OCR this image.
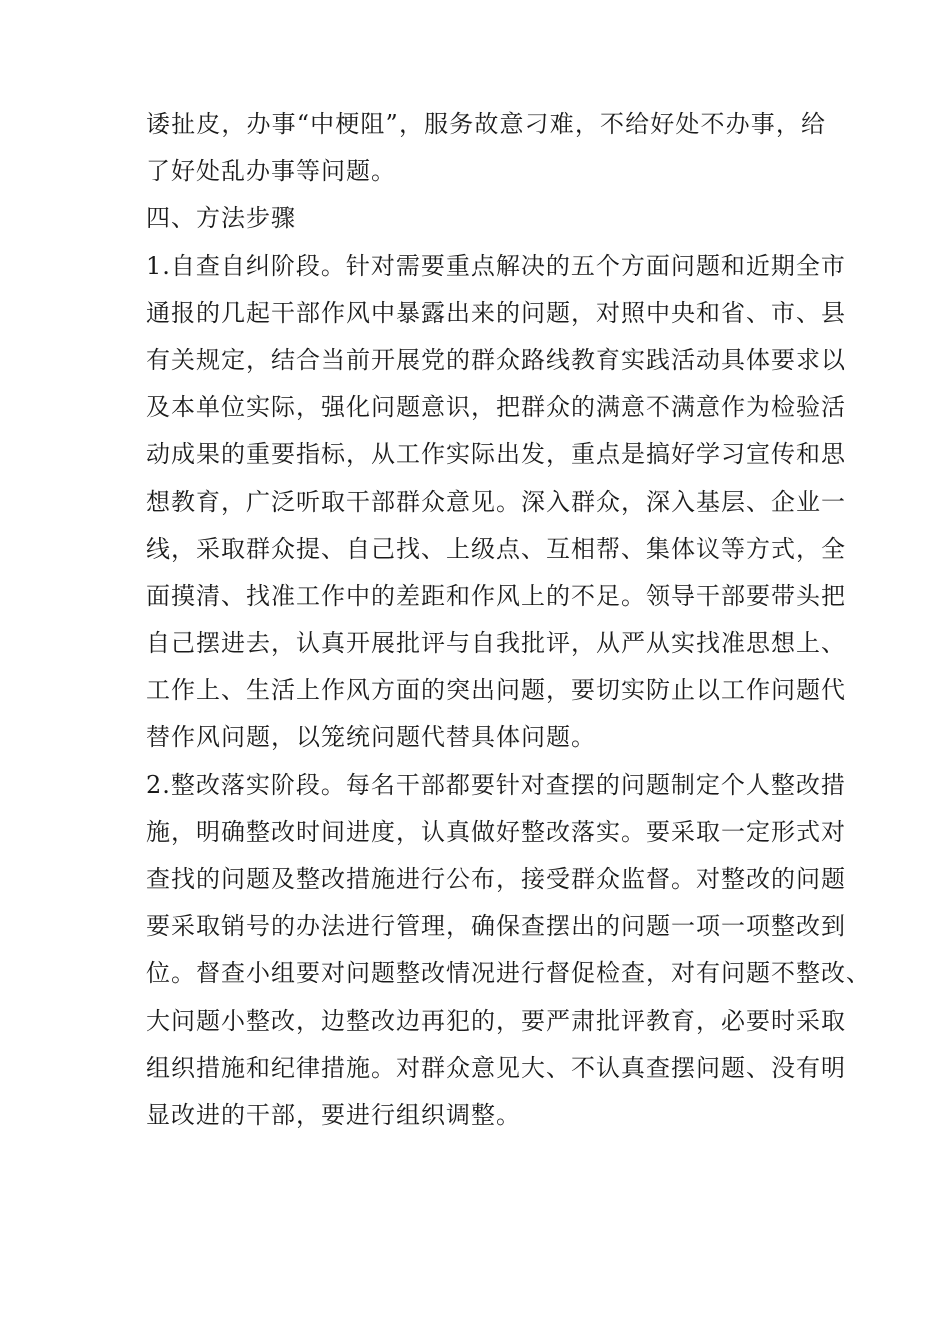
诿扯皮，办事“中梗阻”，服务故意刁难，不给好处不办事，给
了好处乱办事等问题。
四、方法步骤
1.自查自纠阶段。针对需要重点解决的五个方面问题和近期全市
通报的几起干部作风中暴露出来的问题，对照中央和省、市、县
有关规定，结合当前开展党的群众路线教育实践活动具体要求以
及本单位实际，强化问题意识，把群众的满意不满意作为检验活
动成果的重要指标，从工作实际出发，重点是搞好学习宣传和思
想教育，广泛听取干部群众意见。深入群众，深入基层、企业一
线，采取群众提、自己找、上级点、互相帮、集体议等方式，全
面摸清、找准工作中的差距和作风上的不足。领导干部要带头把
自己摆进去，认真开展批评与自我批评，从严从实找准思想上、
工作上、生活上作风方面的突出问题，要切实防止以工作问题代
替作风问题，以笼统问题代替具体问题。
2.整改落实阶段。每名干部都要针对查摆的问题制定个人整改措
施，明确整改时间进度，认真做好整改落实。要采取一定形式对
查找的问题及整改措施进行公布，接受群众监督。对整改的问题
要采取销号的办法进行管理，确保查摆出的问题一项一项整改到
位。督查小组要对问题整改情况进行督促检查，对有问题不整改、
大问题小整改，边整改边再犯的，要严肃批评教育，必要时采取
组织措施和纪律措施。对群众意见大、不认真查摆问题、没有明
显改进的干部，要进行组织调整。
